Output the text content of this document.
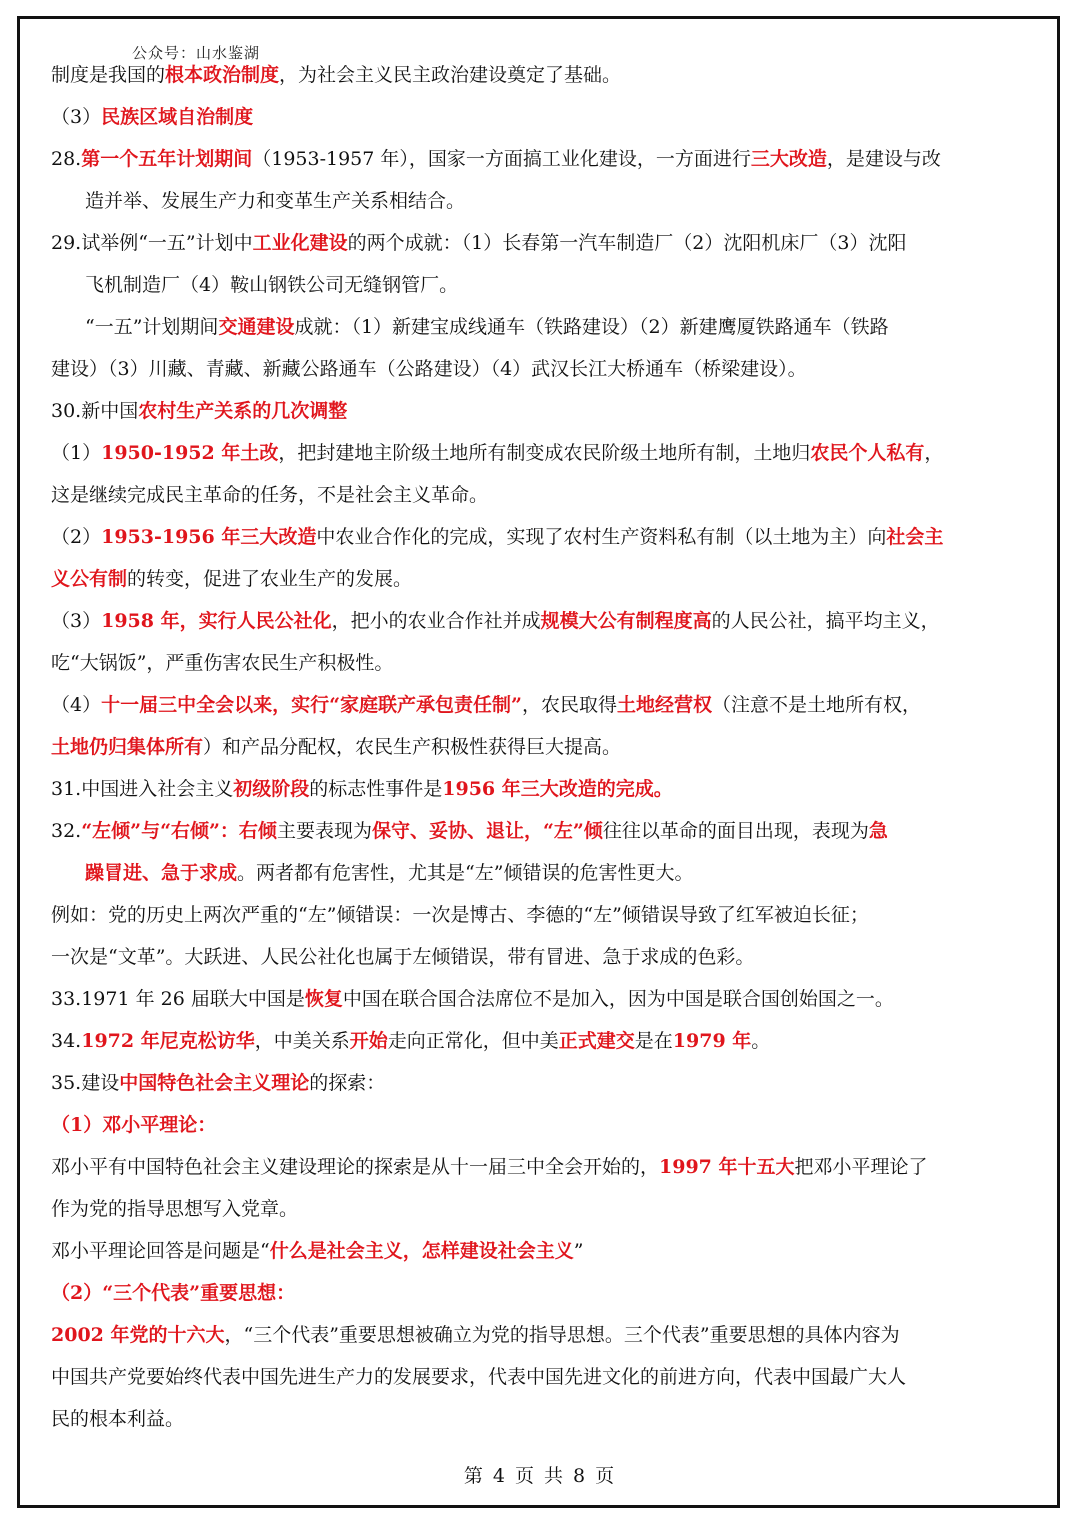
公众号：山水鉴湖

制度是我国的根本政治制度，为社会主义民主政治建设奠定了基础。

（3）民族区域自治制度

28.第一个五年计划期间（1953-1957 年），国家一方面搞工业化建设，一方面进行三大改造，是建设与改

造并举、发展生产力和变革生产关系相结合。

29.试举例“一五”计划中工业化建设的两个成就：（1）长春第一汽车制造厂（2）沈阳机床厂（3）沈阳

飞机制造厂（4）鞍山钢铁公司无缝钢管厂。

“一五”计划期间交通建设成就：（1）新建宝成线通车（铁路建设）（2）新建鹰厦铁路通车（铁路

建设）（3）川藏、青藏、新藏公路通车（公路建设）（4）武汉长江大桥通车（桥梁建设）。

30.新中国农村生产关系的几次调整

（1）1950-1952 年土改，把封建地主阶级土地所有制变成农民阶级土地所有制，土地归农民个人私有，

这是继续完成民主革命的任务，不是社会主义革命。

（2）1953-1956 年三大改造中农业合作化的完成，实现了农村生产资料私有制（以土地为主）向社会主

义公有制的转变，促进了农业生产的发展。

（3）1958 年，实行人民公社化，把小的农业合作社并成规模大公有制程度高的人民公社，搞平均主义，

吃“大锅饭”，严重伤害农民生产积极性。

（4）十一届三中全会以来，实行“家庭联产承包责任制”，农民取得土地经营权（注意不是土地所有权，

土地仍归集体所有）和产品分配权，农民生产积极性获得巨大提高。

31.中国进入社会主义初级阶段的标志性事件是1956 年三大改造的完成。

32.“左倾”与“右倾”：右倾主要表现为保守、妥协、退让，“左”倾往往以革命的面目出现，表现为急

躁冒进、急于求成。两者都有危害性，尤其是“左”倾错误的危害性更大。

例如：党的历史上两次严重的“左”倾错误：一次是博古、李德的“左”倾错误导致了红军被迫长征；

一次是“文革”。大跃进、人民公社化也属于左倾错误，带有冒进、急于求成的色彩。

33.1971 年 26 届联大中国是恢复中国在联合国合法席位不是加入，因为中国是联合国创始国之一。

34.1972 年尼克松访华，中美关系开始走向正常化，但中美正式建交是在1979 年。

35.建设中国特色社会主义理论的探索：

（1）邓小平理论：

邓小平有中国特色社会主义建设理论的探索是从十一届三中全会开始的，1997 年十五大把邓小平理论了

作为党的指导思想写入党章。

邓小平理论回答是问题是“什么是社会主义，怎样建设社会主义”

（2）“三个代表”重要思想：

2002 年党的十六大，“三个代表”重要思想被确立为党的指导思想。三个代表”重要思想的具体内容为

中国共产党要始终代表中国先进生产力的发展要求，代表中国先进文化的前进方向，代表中国最广大人

民的根本利益。

第 4 页 共 8 页
